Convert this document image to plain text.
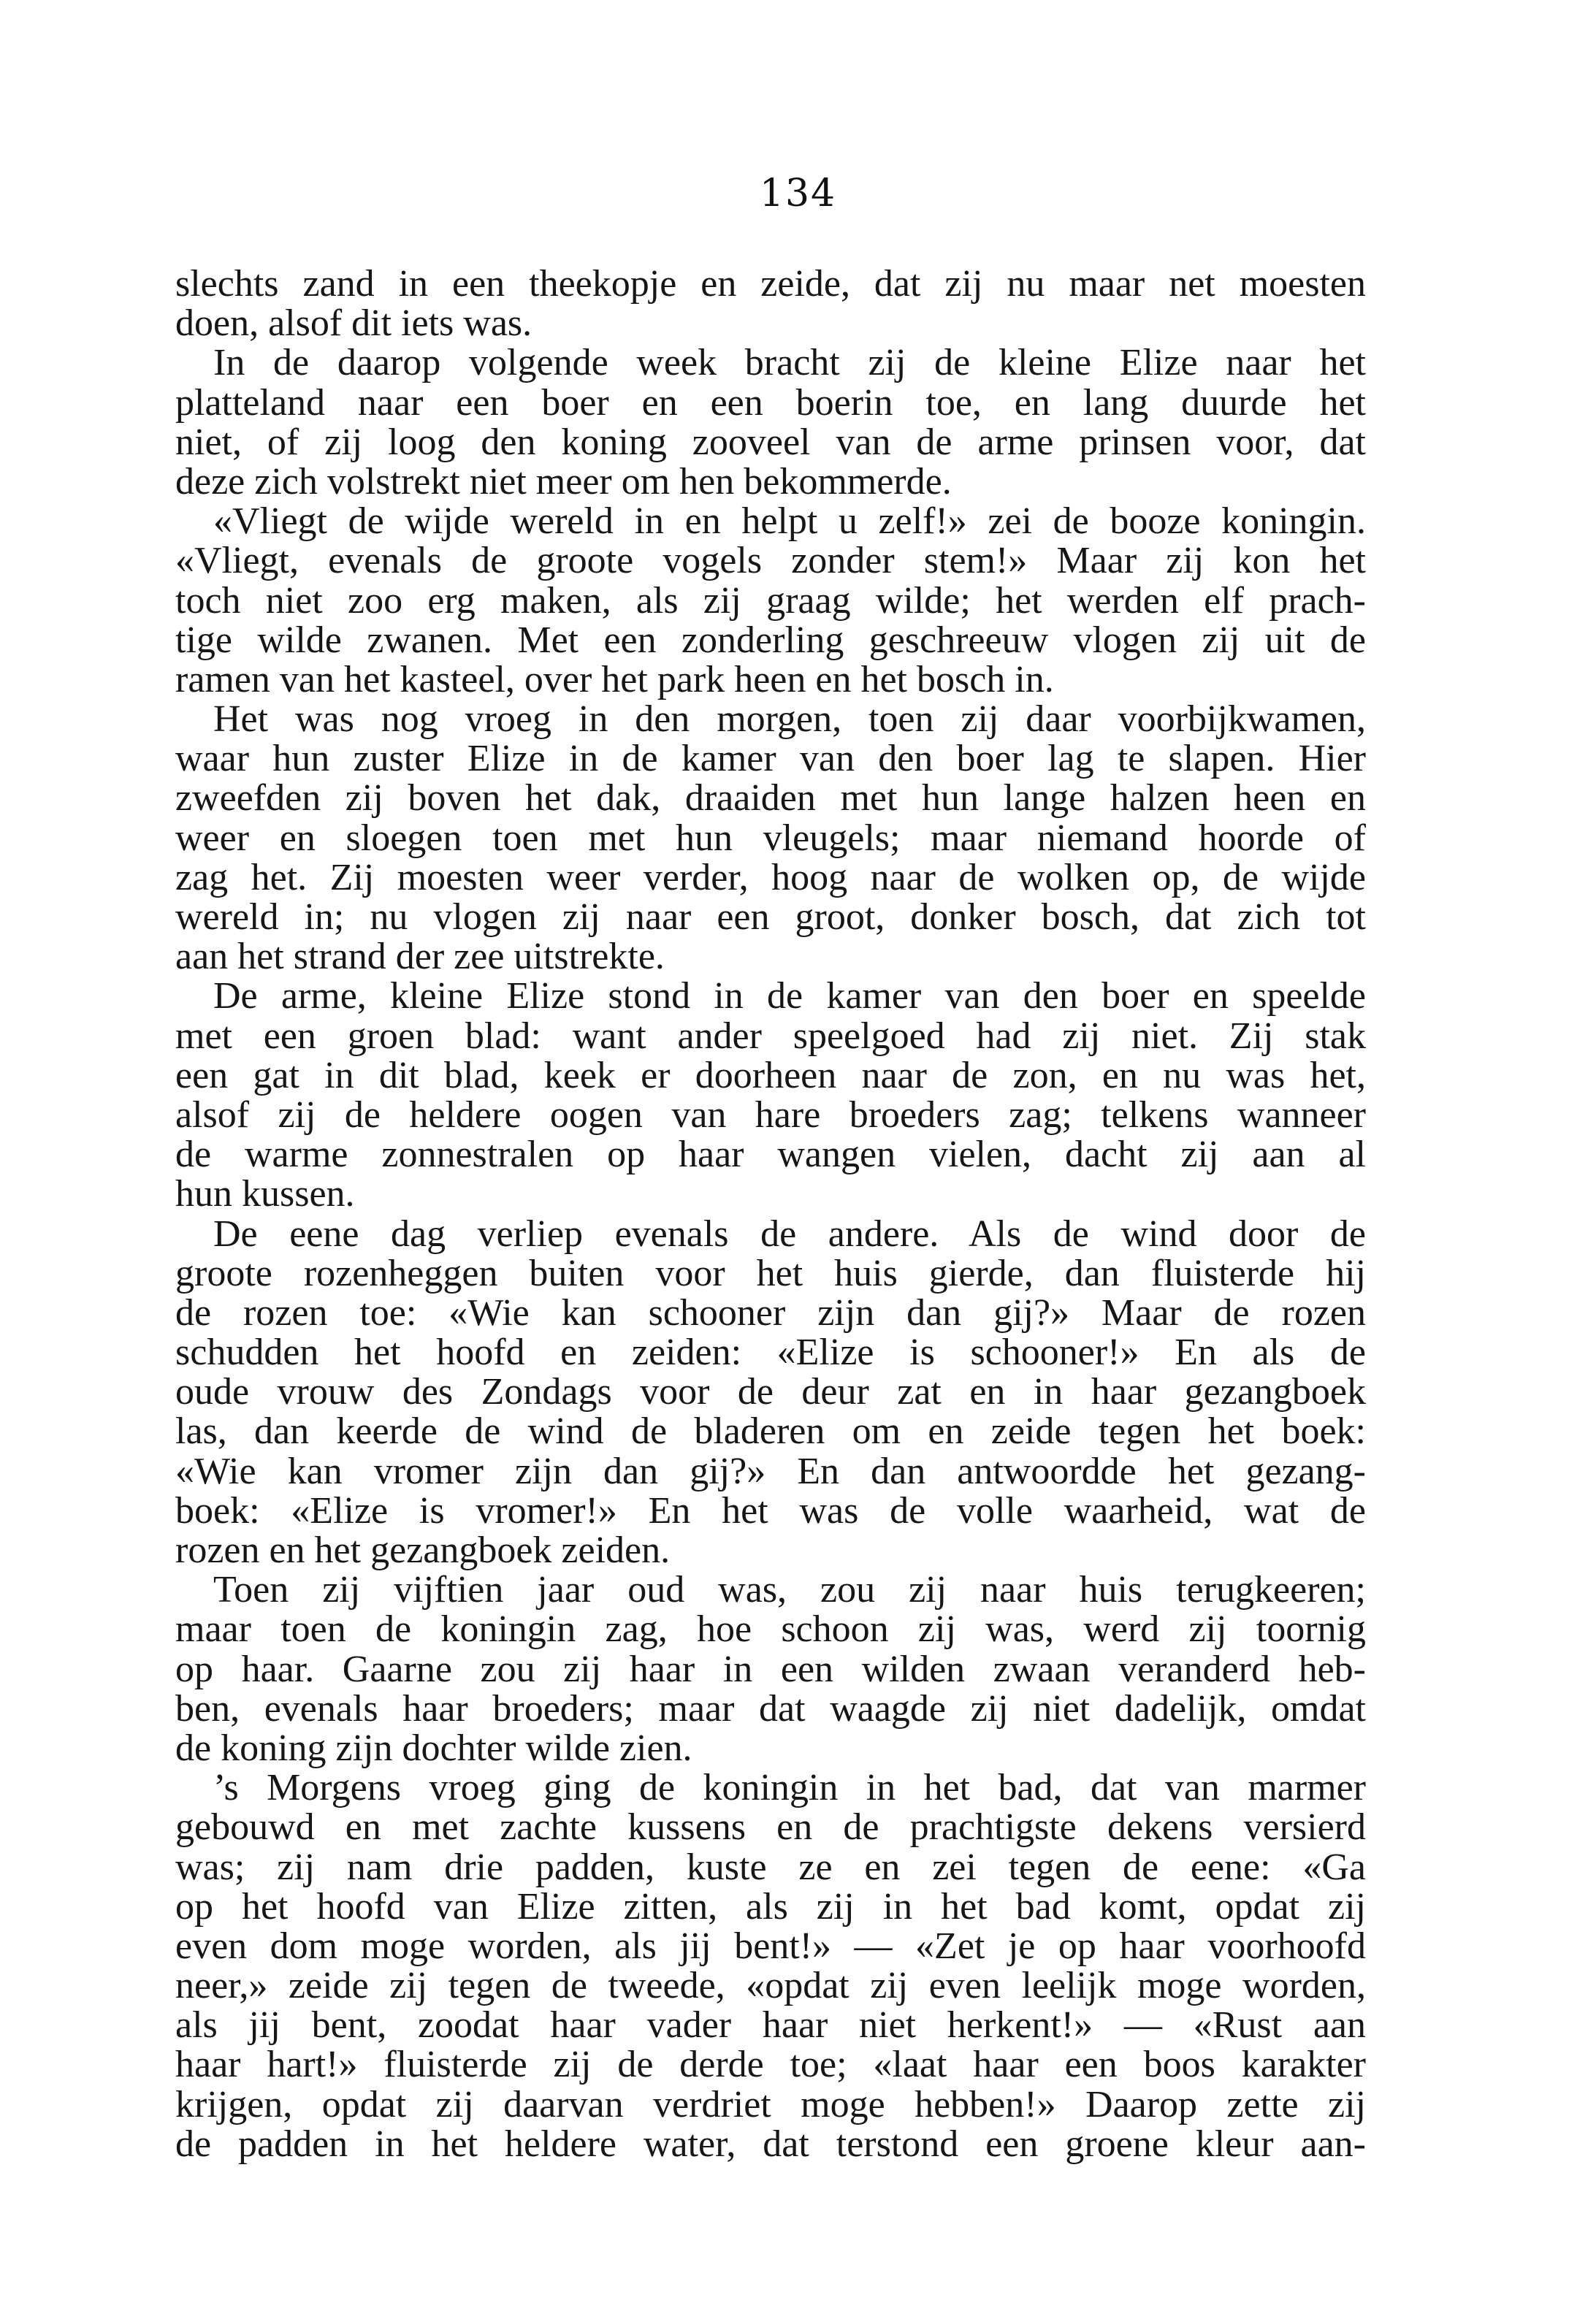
134
slechts zand in een theekopje en zeide, dat zij nu maar net moesten
doen, alsof dit iets was.
In de daarop volgende week bracht zij de kleine Elize naar het
platteland naar een boer en een boerin toe, en lang duurde het
niet, of zij loog den koning zooveel van de arme prinsen voor, dat
deze zich volstrekt niet meer om hen bekommerde.
«Vliegt de wijde wereld in en helpt u zelf!» zei de booze koningin.
«Vliegt, evenals de groote vogels zonder stem!» Maar zij kon het
toch niet zoo erg maken, als zij graag wilde; het werden elf prach-
tige wilde zwanen. Met een zonderling geschreeuw vlogen zij uit de
ramen van het kasteel, over het park heen en het bosch in.
Het was nog vroeg in den morgen, toen zij daar voorbijkwamen,
waar hun zuster Elize in de kamer van den boer lag te slapen. Hier
zweefden zij boven het dak, draaiden met hun lange halzen heen en
weer en sloegen toen met hun vleugels; maar niemand hoorde of
zag het. Zij moesten weer verder, hoog naar de wolken op, de wijde
wereld in; nu vlogen zij naar een groot, donker bosch, dat zich tot
aan het strand der zee uitstrekte.
De arme, kleine Elize stond in de kamer van den boer en speelde
met een groen blad: want ander speelgoed had zij niet. Zij stak
een gat in dit blad, keek er doorheen naar de zon, en nu was het,
alsof zij de heldere oogen van hare broeders zag; telkens wanneer
de warme zonnestralen op haar wangen vielen, dacht zij aan al
hun kussen.
De eene dag verliep evenals de andere. Als de wind door de
groote rozenheggen buiten voor het huis gierde, dan fluisterde hij
de rozen toe: «Wie kan schooner zijn dan gij?» Maar de rozen
schudden het hoofd en zeiden: «Elize is schooner!» En als de
oude vrouw des Zondags voor de deur zat en in haar gezangboek
las, dan keerde de wind de bladeren om en zeide tegen het boek:
«Wie kan vromer zijn dan gij?» En dan antwoordde het gezang-
boek: «Elize is vromer!» En het was de volle waarheid, wat de
rozen en het gezangboek zeiden.
Toen zij vijftien jaar oud was, zou zij naar huis terugkeeren;
maar toen de koningin zag, hoe schoon zij was, werd zij toornig
op haar. Gaarne zou zij haar in een wilden zwaan veranderd heb-
ben, evenals haar broeders; maar dat waagde zij niet dadelijk, omdat
de koning zijn dochter wilde zien.
’s Morgens vroeg ging de koningin in het bad, dat van marmer
gebouwd en met zachte kussens en de prachtigste dekens versierd
was; zij nam drie padden, kuste ze en zei tegen de eene: «Ga
op het hoofd van Elize zitten, als zij in het bad komt, opdat zij
even dom moge worden, als jij bent!» — «Zet je op haar voorhoofd
neer,» zeide zij tegen de tweede, «opdat zij even leelijk moge worden,
als jij bent, zoodat haar vader haar niet herkent!» — «Rust aan
haar hart!» fluisterde zij de derde toe; «laat haar een boos karakter
krijgen, opdat zij daarvan verdriet moge hebben!» Daarop zette zij
de padden in het heldere water, dat terstond een groene kleur aan-
